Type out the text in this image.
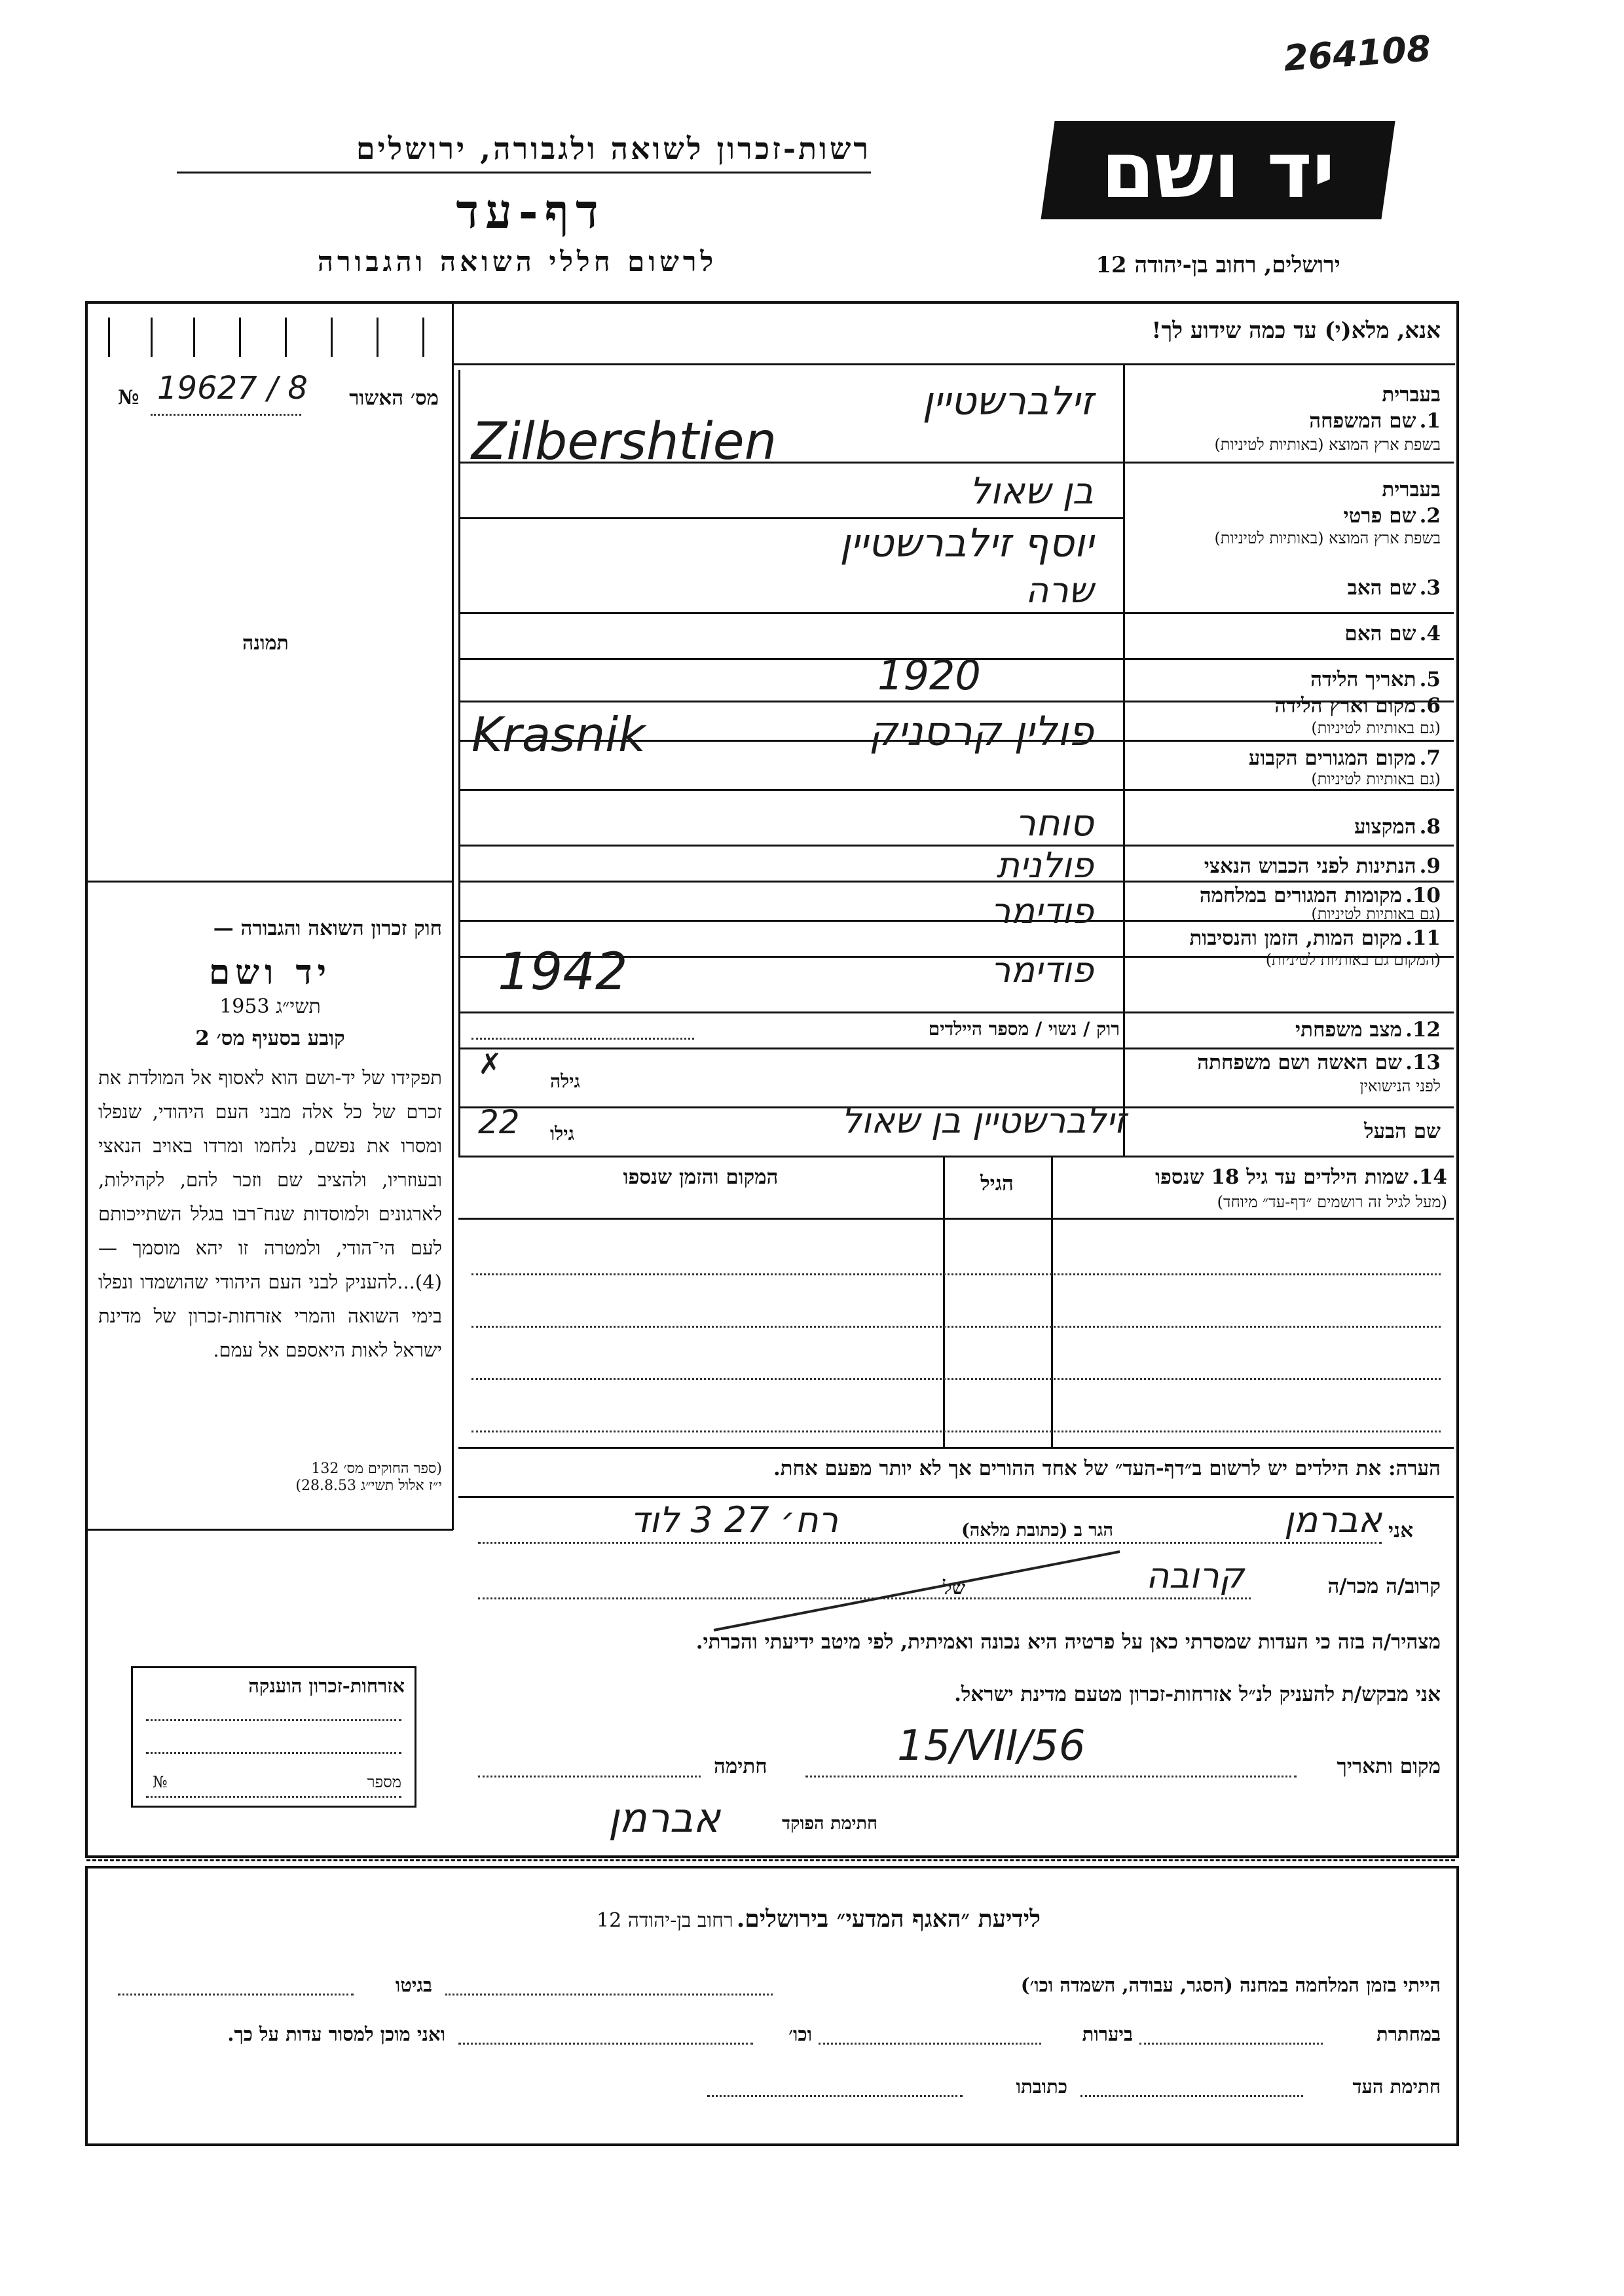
264108
יד ושם
רשות-זכרון לשואה ולגבורה, ירושלים
דף-עד
לרשום חללי השואה והגבורה	ירושלים, רחוב בן-יהודה 12
אנא, מלא(י) עד כמה שידוע לך!
מס׳ האשור
№ 19627 / 8
תמונה
בעברית
1. שם המשפחה
בשפת ארץ המוצא (באותיות לטיניות)
בעברית
2. שם פרטי
בשפת ארץ המוצא (באותיות לטיניות)
3. שם האב
4. שם האם
5. תאריך הלידה
6. מקום וארץ הלידה
(גם באותיות לטיניות)
7. מקום המגורים הקבוע
(גם באותיות לטיניות)
8. המקצוע
9. הנתינות לפני הכבוש הנאצי
10. מקומות המגורים במלחמה
(גם באותיות לטיניות)
11. מקום המות, הזמן והנסיבות
(המקום גם באותיות לטיניות)
12. מצב משפחתי
13. שם האשה ושם משפחתה
לפני הנישואין
שם הבעל
זילברשטיין
Zilbershtien
בן שאול
יוסף זילברשטיין
שרה
1920
פולין קרסניק
Krasnik
סוחר
פולנית
פודימר
פודימר
1942
רוק / נשוי / מספר היילדים
גילה
✗
גילו
22	זילברשטיין בן שאול
14. שמות הילדים עד גיל 18 שנספו
(מעל לגיל זה רושמים ״דף-עד״ מיוחד)
הגיל
המקום והזמן שנספו
הערה: את הילדים יש לרשום ב״דף-העד״ של אחד ההורים אך לא יותר מפעם אחת.
חוק זכרון השואה והגבורה —
יד ושם
תשי״ג 1953
קובע בסעיף מס׳ 2
תפקידו של יד-ושם הוא לאסוף אל המולדת את זכרם של כל אלה מבני העם היהודי, שנפלו ומסרו את נפשם, נלחמו ומרדו באויב הנאצי ובעוזריו, ולהציב שם וזכר להם, לקהילות, לארגונים ולמוסדות שנח־רבו בגלל השתייכותם לעם הי־הודי, ולמטרה זו יהא מוסמך — (4)...להעניק לבני העם היהודי שהושמדו ונפלו בימי השואה והמרי אזרחות-זכרון של מדינת ישראל לאות היאספם אל עמם.
(ספר החוקים מס׳ 132
י״ז אלול תשי״ג 28.8.53)
אני
אברמן
הגר ב (כתובת מלאה)
רח׳ 27 3 לוד
קרוב/ה מכר/ה
קרובה
של
מצהיר/ה בזה כי העדות שמסרתי כאן על פרטיה היא נכונה ואמיתית, לפי מיטב ידיעתי והכרתי.
אני מבקש/ת להעניק לנ״ל אזרחות-זכרון מטעם מדינת ישראל.
מקום ותאריך
15/VII/56
חתימה
חתימת הפוקד
אברמן
אזרחות-זכרון הוענקה
מספר
№
לידיעת ״האגף המדעי״ בירושלים. רחוב בן-יהודה 12
הייתי בזמן המלחמה במחנה (הסגר, עבודה, השמדה וכו׳)
בגיטו
במחתרת
ביערות
וכו׳
ואני מוכן למסור עדות על כך.
חתימת העד
כתובתו
